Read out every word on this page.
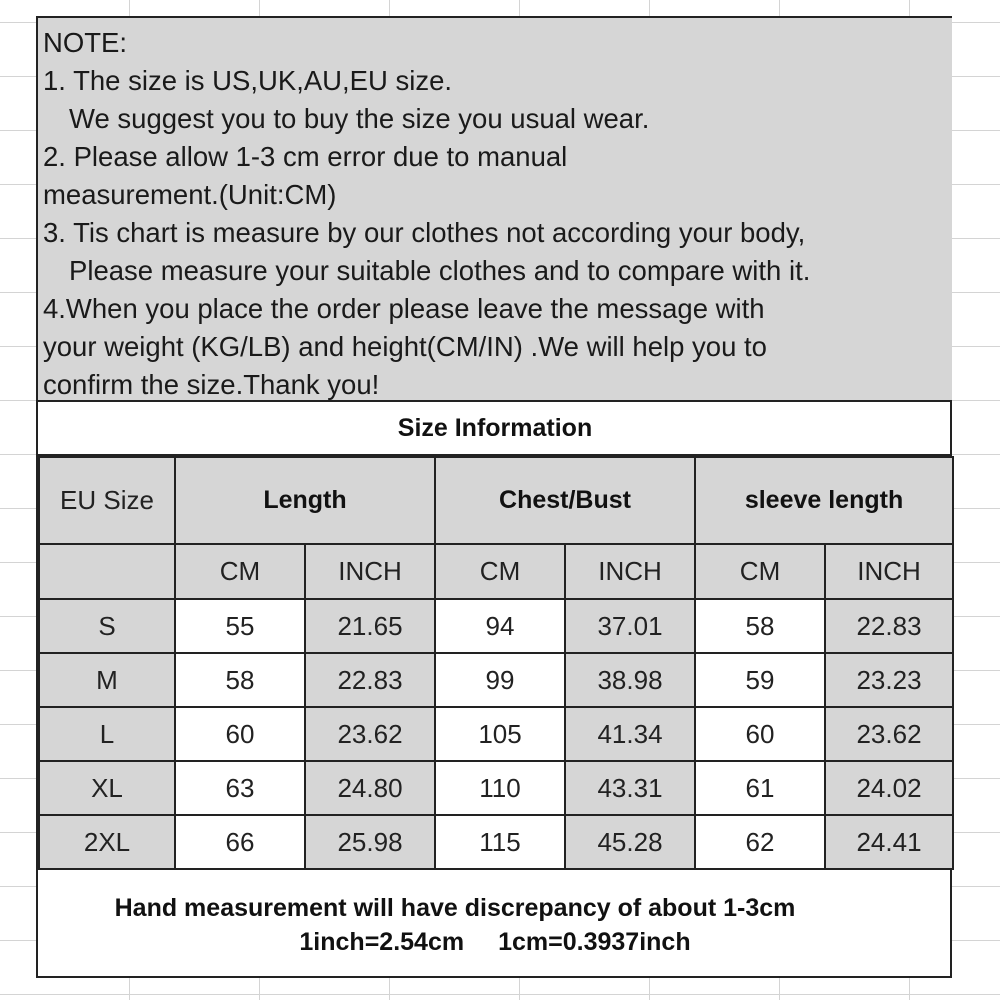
NOTE:

1. The size is US,UK,AU,EU size.

We suggest you to buy the size you usual wear.

2. Please allow 1-3 cm error due to manual

measurement.(Unit:CM)

3. Tis chart is measure by our clothes not according your body,

Please measure your suitable clothes and to compare with it.

4.When you place the order please leave the message with

your weight (KG/LB) and height(CM/IN) .We will help you to

confirm the size.Thank you!

Size Information
EU Size	Length		Chest/Bust		sleeve length	
	CM	INCH	CM	INCH	CM	INCH
S	55	21.65	94	37.01	58	22.83
M	58	22.83	99	38.98	59	23.23
L	60	23.62	105	41.34	60	23.62
XL	63	24.80	110	43.31	61	24.02
2XL	66	25.98	115	45.28	62	24.41
Hand measurement will have discrepancy of about 1-3cm
1inch=2.54cm 1cm=0.3937inch
